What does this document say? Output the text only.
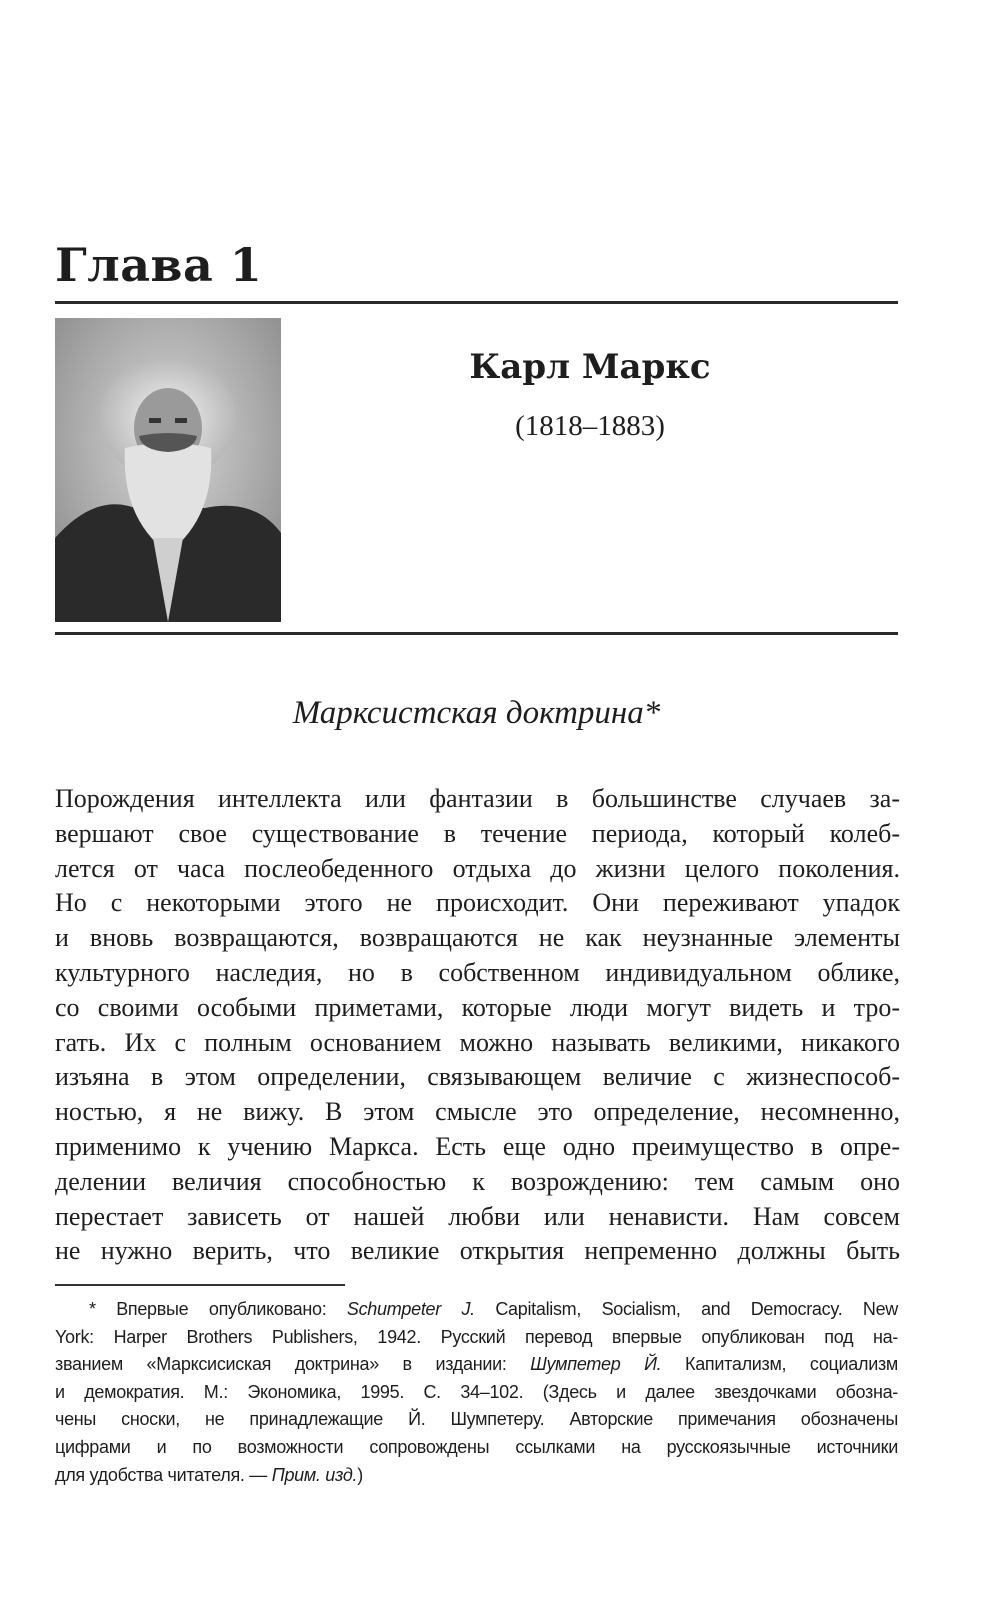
Глава 1
Карл Маркс
(1818–1883)
Марксистская доктрина*
Порождения интеллекта или фантазии в большинстве случаев за-
вершают свое существование в течение периода, который колеб-
лется от часа послеобеденного отдыха до жизни целого поколения.
Но с некоторыми этого не происходит. Они переживают упадок
и вновь возвращаются, возвращаются не как неузнанные элементы
культурного наследия, но в собственном индивидуальном облике,
со своими особыми приметами, которые люди могут видеть и тро-
гать. Их с полным основанием можно называть великими, никакого
изъяна в этом определении, связывающем величие с жизнеспособ-
ностью, я не вижу. В этом смысле это определение, несомненно,
применимо к учению Маркса. Есть еще одно преимущество в опре-
делении величия способностью к возрождению: тем самым оно
перестает зависеть от нашей любви или ненависти. Нам совсем
не нужно верить, что великие открытия непременно должны быть
* Впервые опубликовано: Schumpeter J. Capitalism, Socialism, and Democracy. New
York: Harper Brothers Publishers, 1942. Русский перевод впервые опубликован под на-
званием «Марксисиская доктрина» в издании: Шумпетер Й. Капитализм, социализм
и демократия. М.: Экономика, 1995. С. 34–102. (Здесь и далее звездочками обозна-
чены сноски, не принадлежащие Й. Шумпетеру. Авторские примечания обозначены
цифрами и по возможности сопровождены ссылками на русскоязычные источники
для удобства читателя. — Прим. изд.)
